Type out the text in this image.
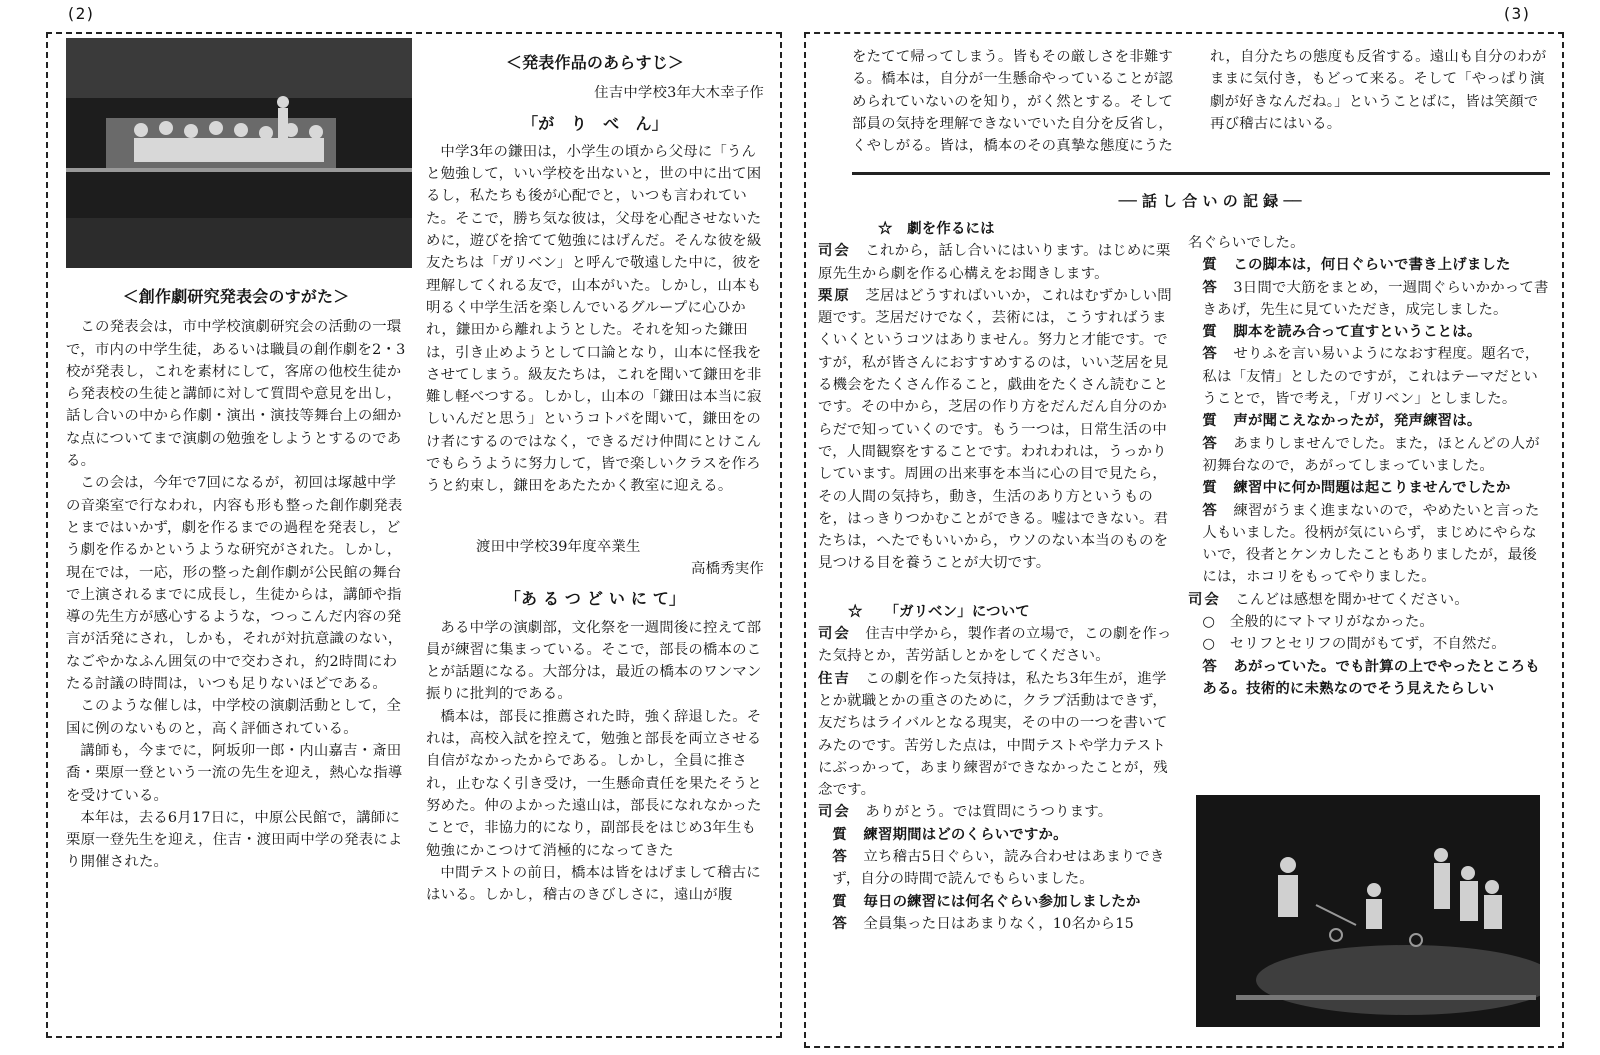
(2)	(3)
＜創作劇研究発表会のすがた＞

この発表会は，市中学校演劇研究会の活動の一環で，市内の中学生徒，あるいは職員の創作劇を2・3校が発表し，これを素材にして，客席の他校生徒から発表校の生徒と講師に対して質問や意見を出し，話し合いの中から作劇・演出・演技等舞台上の細かな点についてまで演劇の勉強をしようとするのである。

この会は，今年で7回になるが，初回は塚越中学の音楽室で行なわれ，内容も形も整った創作劇発表とまではいかず，劇を作るまでの過程を発表し，どう劇を作るかというような研究がされた。しかし，現在では，一応，形の整った創作劇が公民館の舞台で上演されるまでに成長し，生徒からは，講師や指導の先生方が感心するような，つっこんだ内容の発言が活発にされ，しかも，それが対抗意識のない，なごやかなふん囲気の中で交わされ，約2時間にわたる討議の時間は，いつも足りないほどである。

このような催しは，中学校の演劇活動として，全国に例のないものと，高く評価されている。

講師も，今までに，阿坂卯一郎・内山嘉吉・斎田喬・栗原一登という一流の先生を迎え，熱心な指導を受けている。

本年は，去る6月17日に，中原公民館で，講師に栗原一登先生を迎え，住吉・渡田両中学の発表により開催された。

＜発表作品のあらすじ＞
住吉中学校3年大木幸子作
「が　り　べ　ん」

中学3年の鎌田は，小学生の頃から父母に「うんと勉強して，いい学校を出ないと，世の中に出て困るし，私たちも後が心配でと，いつも言われていた。そこで，勝ち気な彼は，父母を心配させないために，遊びを捨てて勉強にはげんだ。そんな彼を級友たちは「ガリベン」と呼んで敬遠した中に，彼を理解してくれる友で，山本がいた。しかし，山本も明るく中学生活を楽しんでいるグループに心ひかれ，鎌田から離れようとした。それを知った鎌田は，引き止めようとして口論となり，山本に怪我をさせてしまう。級友たちは，これを聞いて鎌田を非難し軽べつする。しかし，山本の「鎌田は本当に寂しいんだと思う」というコトバを聞いて，鎌田をのけ者にするのではなく，できるだけ仲間にとけこんでもらうように努力して，皆で楽しいクラスを作ろうと約束し，鎌田をあたたかく教室に迎える。

渡田中学校39年度卒業生
高橋秀実作
「あ る つ ど い に て」

ある中学の演劇部，文化祭を一週間後に控えて部員が練習に集まっている。そこで，部長の橋本のことが話題になる。大部分は，最近の橋本のワンマン振りに批判的である。

橋本は，部長に推薦された時，強く辞退した。それは，高校入試を控えて，勉強と部長を両立させる自信がなかったからである。しかし，全員に推され，止むなく引き受け，一生懸命責任を果たそうと努めた。仲のよかった遠山は，部長になれなかったことで，非協力的になり，副部長をはじめ3年生も勉強にかこつけて消極的になってきた

中間テストの前日，橋本は皆をはげまして稽古にはいる。しかし，稽古のきびしさに，遠山が腹

をたてて帰ってしまう。皆もその厳しさを非難する。橋本は，自分が一生懸命やっていることが認められていないのを知り，がく然とする。そして部員の気持を理解できないでいた自分を反省し，くやしがる。皆は，橋本のその真摯な態度にうた

れ，自分たちの態度も反省する。遠山も自分のわがままに気付き，もどって来る。そして「やっぱり演劇が好きなんだね。」ということばに，皆は笑顔で再び稽古にはいる。

── 話 し 合 い の 記 録 ──
☆　劇を作るには

司会　 これから，話し合いにはいります。はじめに栗原先生から劇を作る心構えをお聞きします。

栗原　 芝居はどうすればいいか，これはむずかしい問題です。芝居だけでなく，芸術には，こうすればうまくいくというコツはありません。努力と才能です。ですが，私が皆さんにおすすめするのは，いい芝居を見る機会をたくさん作ること，戯曲をたくさん読むことです。その中から，芝居の作り方をだんだん自分のからだで知っていくのです。もう一つは，日常生活の中で，人間観察をすることです。われわれは，うっかりしています。周囲の出来事を本当に心の目で見たら，その人間の気持ち，動き，生活のあり方というものを，はっきりつかむことができる。嘘はできない。君たちは，へたでもいいから，ウソのない本当のものを見つける目を養うことが大切です。

☆　　「ガリベン」について

司会　 住吉中学から，製作者の立場で，この劇を作った気持とか，苦労話しとかをしてください。

住吉　 この劇を作った気持は，私たち3年生が，進学とか就職とかの重さのために，クラブ活動はできず，友だちはライバルとなる現実，その中の一つを書いてみたのです。苦労した点は，中間テストや学力テストにぶっかって，あまり練習ができなかったことが，残念です。

司会　 ありがとう。では質問にうつります。

質　 練習期間はどのくらいですか。

答　 立ち稽古5日ぐらい，読み合わせはあまりできず，自分の時間で読んでもらいました。

質　 毎日の練習には何名ぐらい参加しましたか

答　 全員集った日はあまりなく，10名から15

名ぐらいでした。

質　 この脚本は，何日ぐらいで書き上げました

答　 3日間で大筋をまとめ，一週間ぐらいかかって書きあげ，先生に見ていただき，成完しました。

質　 脚本を読み合って直すということは。

答　 せりふを言い易いようになおす程度。題名で，私は「友情」としたのですが，これはテーマだということで，皆で考え，「ガリベン」としました。

質　 声が聞こえなかったが，発声練習は。

答　 あまりしませんでした。また，ほとんどの人が初舞台なので，あがってしまっていました。

質　 練習中に何か問題は起こりませんでしたか

答　 練習がうまく進まないので，やめたいと言った人もいました。役柄が気にいらず，まじめにやらないで，役者とケンカしたこともありましたが，最後には，ホコリをもってやりました。

司会　 こんどは感想を聞かせてください。

○　 全般的にマトマリがなかった。

○　 セリフとセリフの間がもてず，不自然だ。

答　 あがっていた。でも計算の上でやったところもある。技術的に未熟なのでそう見えたらしい
